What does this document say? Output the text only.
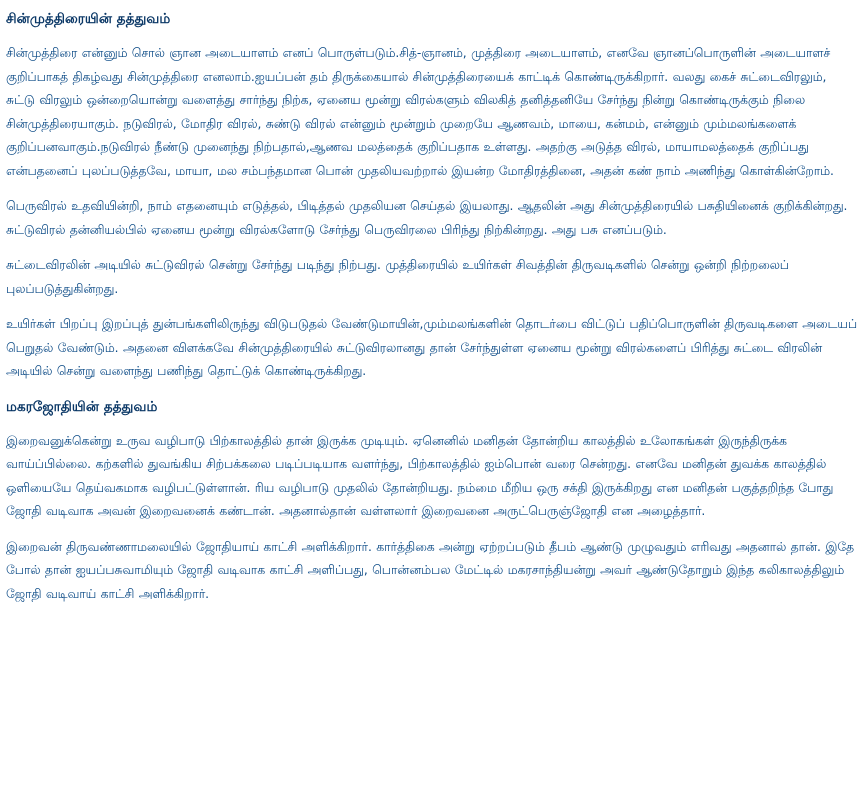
சின்முத்திரையின் தத்துவம்

சின்முத்திரை என்னும் சொல் ஞான அடையாளம் எனப் பொருள்படும்.சித்-ஞானம், முத்திரை அடையாளம், எனவே ஞானப்பொருளின் அடையாளச் குறிப்பாகத் திகழ்வது சின்முத்திரை எனலாம்.ஐயப்பன் தம் திருக்கையால் சின்முத்திரையைக் காட்டிக் கொண்டிருக்கிறார். வலது கைச் சுட்டைவிரலும், சுட்டு விரலும் ஒன்றையொன்று வளைத்து சார்ந்து நிற்க, ஏனைய மூன்று விரல்களும் விலகித் தனித்தனியே சேர்ந்து நின்று கொண்டிருக்கும் நிலை சின்முத்திரையாகும். நடுவிரல், மோதிர விரல், சுண்டு விரல் என்னும் மூன்றும் முறையே ஆணவம், மாயை, கன்மம், என்னும் மும்மலங்களைக் குறிப்பனவாகும்.நடுவிரல் நீண்டு முனைந்து நிற்பதால்,ஆணவ மலத்தைக் குறிப்பதாக உள்ளது. அதற்கு அடுத்த விரல், மாயாமலத்தைக் குறிப்பது என்பதனைப் புலப்படுத்தவே, மாயா, மல சம்பந்தமான பொன் முதலியவற்றால் இயன்ற மோதிரத்தினை, அதன் கண் நாம் அணிந்து கொள்கின்றோம்.

பெருவிரல் உதவியின்றி, நாம் எதனையும் எடுத்தல், பிடித்தல் முதலியன செய்தல் இயலாது. ஆதலின் அது சின்முத்திரையில் பசுதியினைக் குறிக்கின்றது. சுட்டுவிரல் தன்னியல்பில் ஏனைய மூன்று விரல்களோடு சேர்ந்து பெருவிரலை பிரிந்து நிற்கின்றது. அது பசு எனப்படும்.

சுட்டைவிரலின் அடியில் சுட்டுவிரல் சென்று சேர்ந்து படிந்து நிற்பது. முத்திரையில் உயிர்கள் சிவத்தின் திருவடிகளில் சென்று ஒன்றி நிற்றலைப் புலப்படுத்துகின்றது.

உயிர்கள் பிறப்பு இறப்புத் துன்பங்களிலிருந்து விடுபடுதல் வேண்டுமாயின்,மும்மலங்களின் தொடர்பை விட்டுப் பதிப்பொருளின் திருவடிகளை அடையப் பெறுதல் வேண்டும். அதனை விளக்கவே சின்முத்திரையில் சுட்டுவிரலானது தான் சேர்ந்துள்ள ஏனைய மூன்று விரல்களைப் பிரித்து சுட்டை விரலின் அடியில் சென்று வளைந்து பணிந்து தொட்டுக் கொண்டிருக்கிறது.

மகரஜோதியின் தத்துவம்

இறைவனுக்கென்று உருவ வழிபாடு பிற்காலத்தில் தான் இருக்க முடியும். ஏனெனில் மனிதன் தோன்றிய காலத்தில் உலோகங்கள் இருந்திருக்க வாய்ப்பில்லை. கற்களில் துவங்கிய சிற்பக்கலை படிப்படியாக வளர்ந்து, பிற்காலத்தில் ஐம்பொன் வரை சென்றது. எனவே மனிதன் துவக்க காலத்தில் ஒளியையே தெய்வகமாக வழிபட்டுள்ளான். ரிய வழிபாடு முதலில் தோன்றியது. நம்மை மீறிய ஒரு சக்தி இருக்கிறது என மனிதன் பகுத்தறிந்த போது ஜோதி வடிவாக அவன் இறைவனைக் கண்டான். அதனால்தான் வள்ளலார் இறைவனை அருட்பெருஞ்ஜோதி என அழைத்தார்.

இறைவன் திருவண்ணாமலையில் ஜோதியாய் காட்சி அளிக்கிறார். கார்த்திகை அன்று ஏற்றப்படும் தீபம் ஆண்டு முழுவதும் எரிவது அதனால் தான். இதே போல் தான் ஐயப்பசுவாமியும் ஜோதி வடிவாக காட்சி அளிப்பது, பொன்னம்பல மேட்டில் மகரசாந்தியன்று அவர் ஆண்டுதோறும் இந்த கலிகாலத்திலும் ஜோதி வடிவாய் காட்சி அளிக்கிறார்.
